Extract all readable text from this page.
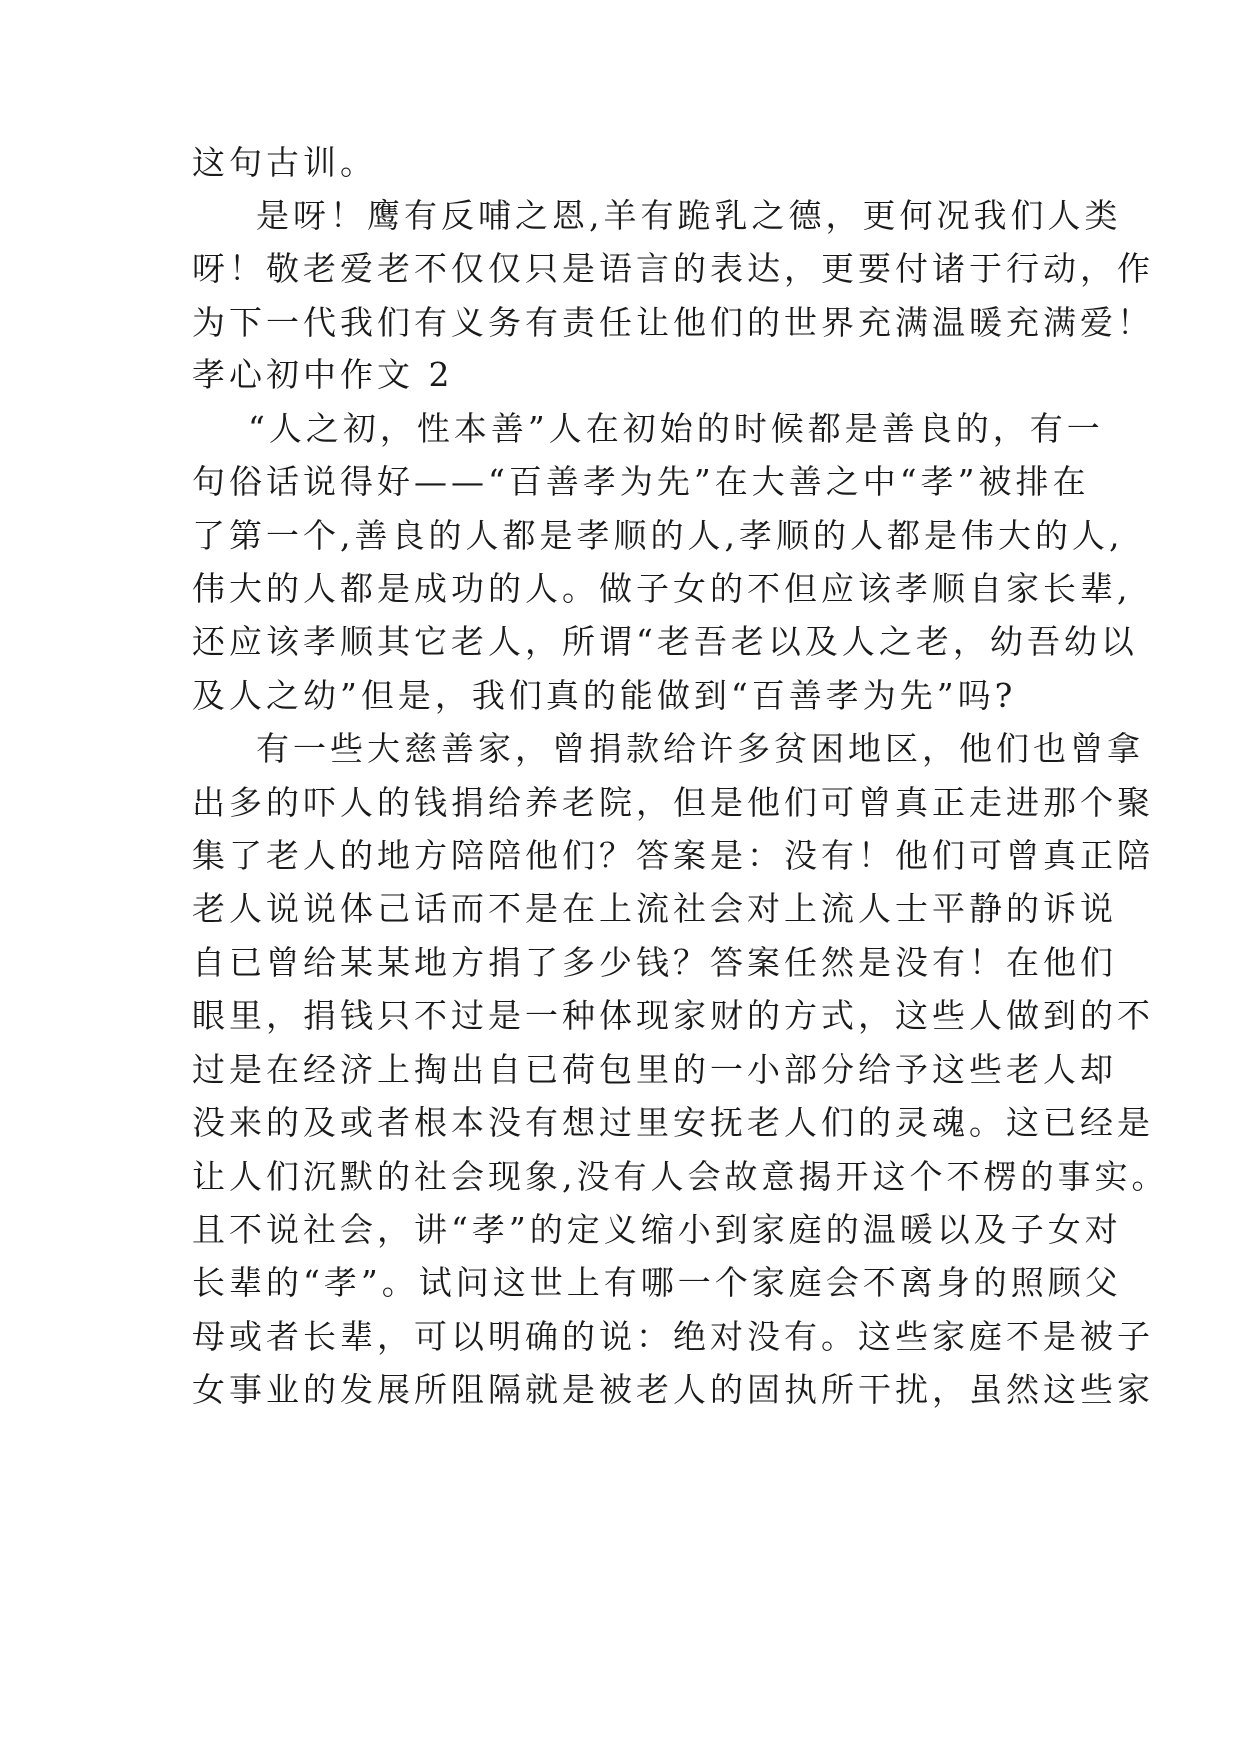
这句古训。
是呀！鹰有反哺之恩,羊有跪乳之德，更何况我们人类
呀！敬老爱老不仅仅只是语言的表达，更要付诸于行动，作
为下一代我们有义务有责任让他们的世界充满温暖充满爱！
孝心初中作文 2
“人之初，性本善”人在初始的时候都是善良的，有一
句俗话说得好——“百善孝为先”在大善之中“孝”被排在
了第一个,善良的人都是孝顺的人,孝顺的人都是伟大的人,
伟大的人都是成功的人。做子女的不但应该孝顺自家长辈,
还应该孝顺其它老人，所谓“老吾老以及人之老，幼吾幼以
及人之幼”但是，我们真的能做到“百善孝为先”吗?
有一些大慈善家，曾捐款给许多贫困地区，他们也曾拿
出多的吓人的钱捐给养老院，但是他们可曾真正走进那个聚
集了老人的地方陪陪他们？答案是：没有！他们可曾真正陪
老人说说体己话而不是在上流社会对上流人士平静的诉说
自已曾给某某地方捐了多少钱？答案任然是没有！在他们
眼里，捐钱只不过是一种体现家财的方式，这些人做到的不
过是在经济上掏出自已荷包里的一小部分给予这些老人却
没来的及或者根本没有想过里安抚老人们的灵魂。这已经是
让人们沉默的社会现象,没有人会故意揭开这个不楞的事实。
且不说社会，讲“孝”的定义缩小到家庭的温暖以及子女对
长辈的“孝”。试问这世上有哪一个家庭会不离身的照顾父
母或者长辈，可以明确的说：绝对没有。这些家庭不是被子
女事业的发展所阻隔就是被老人的固执所干扰，虽然这些家
